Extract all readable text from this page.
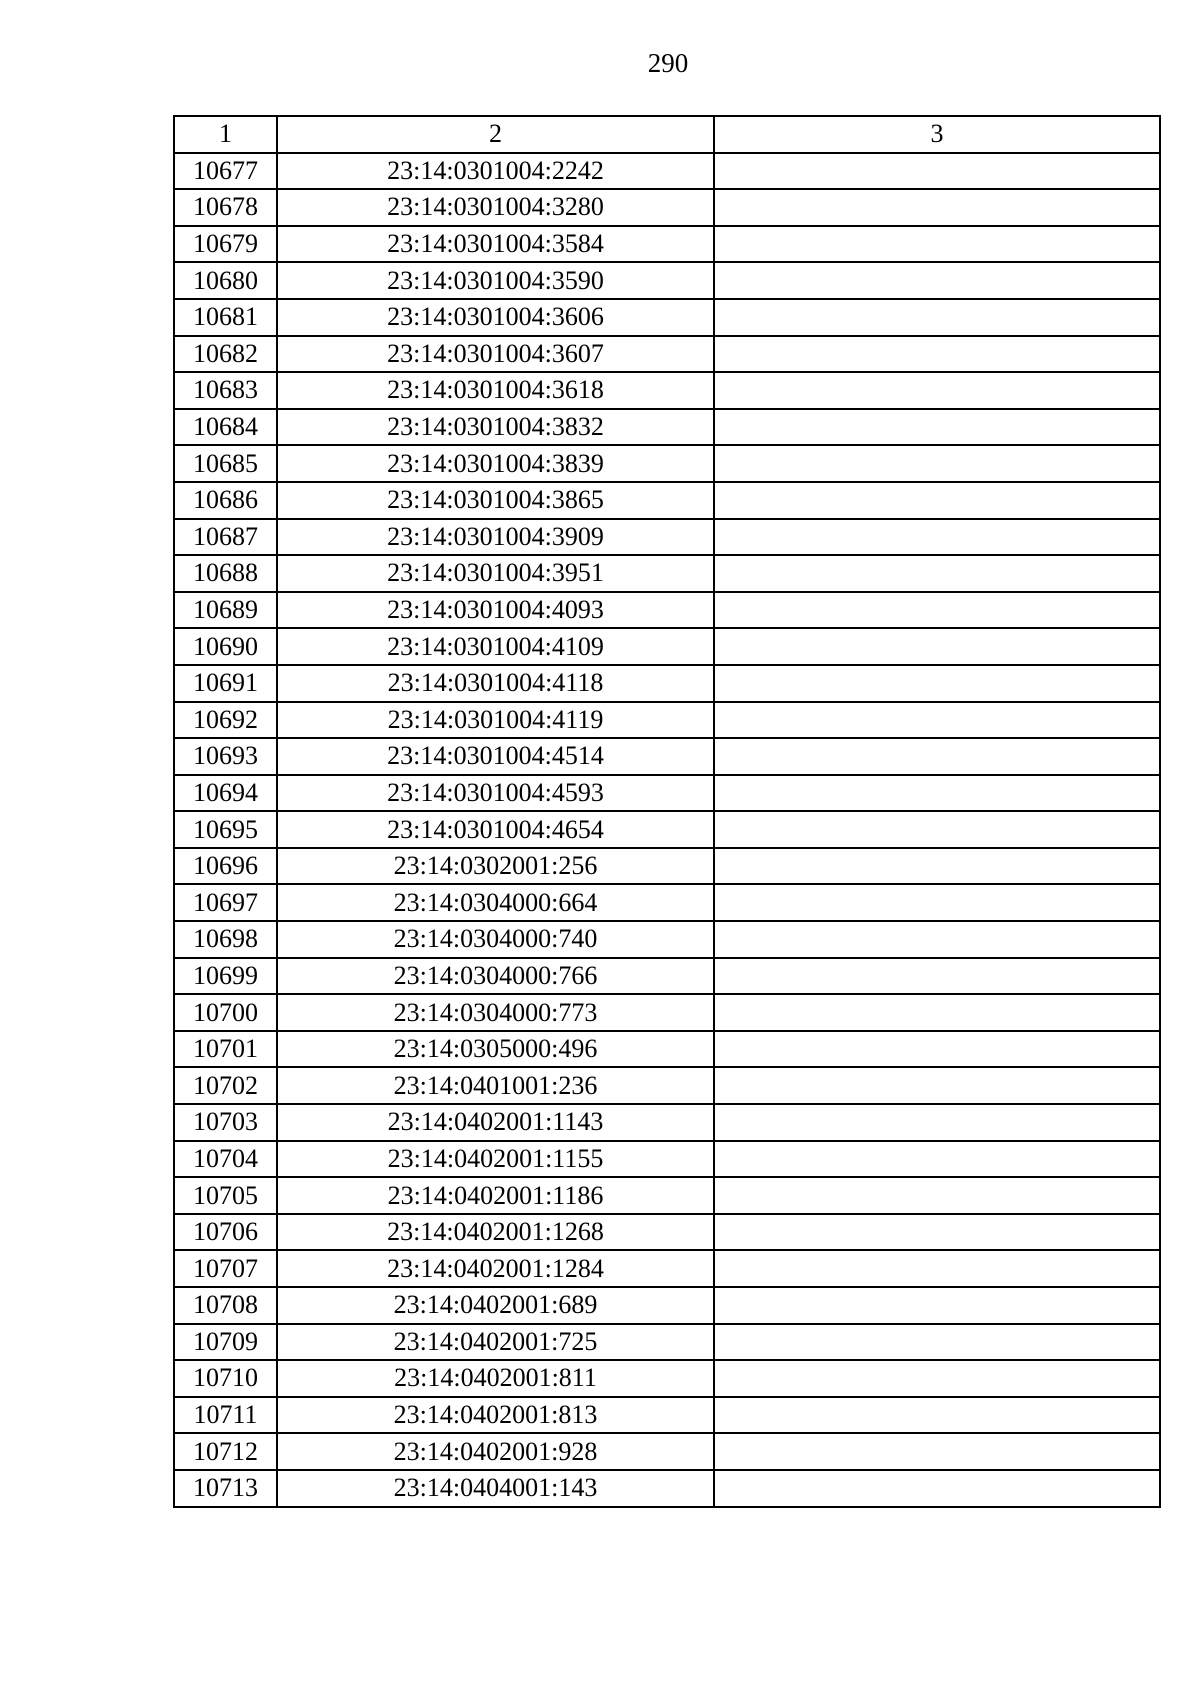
290
1	2	3
10677	23:14:0301004:2242	
10678	23:14:0301004:3280	
10679	23:14:0301004:3584	
10680	23:14:0301004:3590	
10681	23:14:0301004:3606	
10682	23:14:0301004:3607	
10683	23:14:0301004:3618	
10684	23:14:0301004:3832	
10685	23:14:0301004:3839	
10686	23:14:0301004:3865	
10687	23:14:0301004:3909	
10688	23:14:0301004:3951	
10689	23:14:0301004:4093	
10690	23:14:0301004:4109	
10691	23:14:0301004:4118	
10692	23:14:0301004:4119	
10693	23:14:0301004:4514	
10694	23:14:0301004:4593	
10695	23:14:0301004:4654	
10696	23:14:0302001:256	
10697	23:14:0304000:664	
10698	23:14:0304000:740	
10699	23:14:0304000:766	
10700	23:14:0304000:773	
10701	23:14:0305000:496	
10702	23:14:0401001:236	
10703	23:14:0402001:1143	
10704	23:14:0402001:1155	
10705	23:14:0402001:1186	
10706	23:14:0402001:1268	
10707	23:14:0402001:1284	
10708	23:14:0402001:689	
10709	23:14:0402001:725	
10710	23:14:0402001:811	
10711	23:14:0402001:813	
10712	23:14:0402001:928	
10713	23:14:0404001:143	
